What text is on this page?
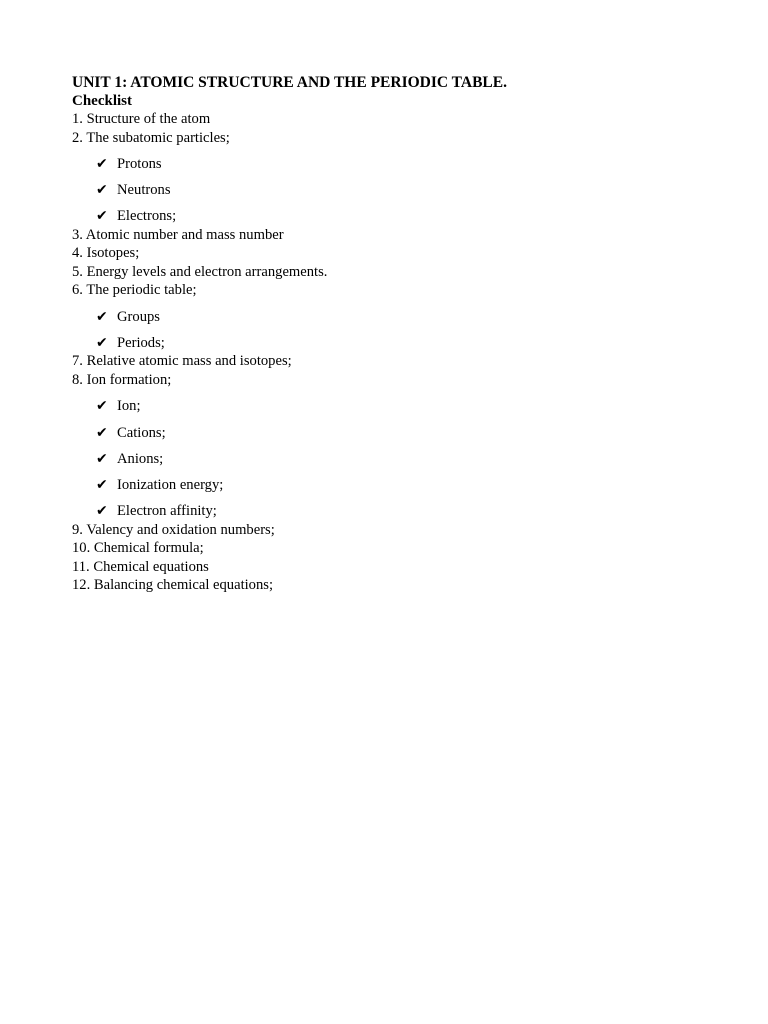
UNIT 1: ATOMIC STRUCTURE AND THE PERIODIC TABLE.
Checklist
1. Structure of the atom
2. The subatomic particles;
✔ Protons
✔ Neutrons
✔ Electrons;
3. Atomic number and mass number
4. Isotopes;
5. Energy levels and electron arrangements.
6. The periodic table;
✔ Groups
✔ Periods;
7. Relative atomic mass and isotopes;
8. Ion formation;
✔ Ion;
✔ Cations;
✔ Anions;
✔ Ionization energy;
✔ Electron affinity;
9. Valency and oxidation numbers;
10. Chemical formula;
11. Chemical equations
12. Balancing chemical equations;
